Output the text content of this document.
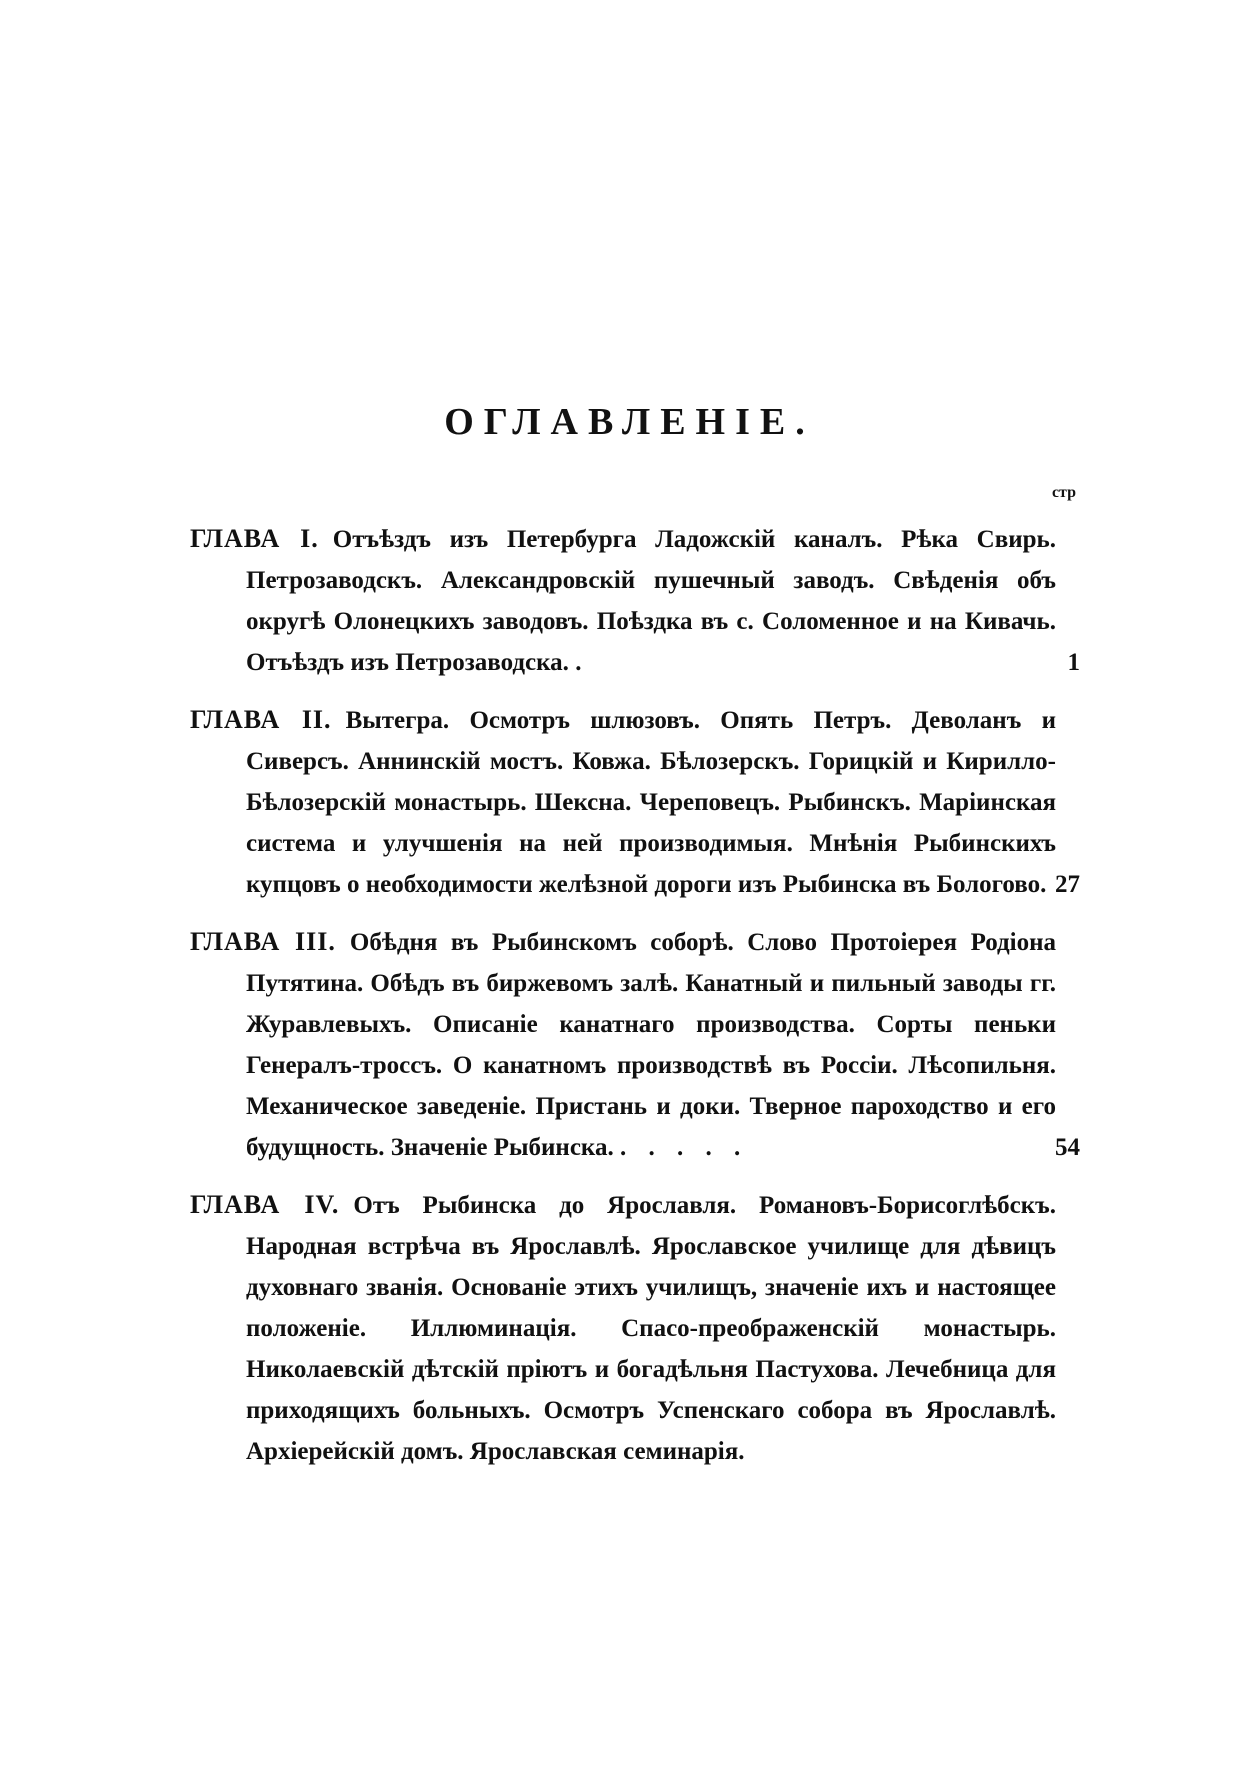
ОГЛАВЛЕНІЕ.
стр
ГЛАВА I. Отъѣздъ изъ Петербурга Ладожскій каналъ. Рѣка Свирь. Петрозаводскъ. Александровскій пушечный заводъ. Свѣденія объ округѣ Олонецкихъ заводовъ. Поѣздка въ с. Соломенное и на Кивачь. Отъѣздъ изъ Петрозаводска. .	1
ГЛАВА II. Вытегра. Осмотръ шлюзовъ. Опять Петръ. Деволанъ и Сиверсъ. Аннинскій мостъ. Ковжа. Бѣлозерскъ. Горицкій и Кирилло-Бѣлозерскій монастырь. Шексна. Череповецъ. Рыбинскъ. Маріинская система и улучшенія на ней производимыя. Мнѣнія Рыбинскихъ купцовъ о необходимости желѣзной дороги изъ Рыбинска въ Бологово. 27
ГЛАВА III. Обѣдня въ Рыбинскомъ соборѣ. Слово Протоіерея Родіона Путятина. Обѣдъ въ биржевомъ залѣ. Канатный и пильный заводы гг. Журавлевыхъ. Описаніе канатнаго производства. Сорты пеньки Генералъ-троссъ. О канатномъ производствѣ въ Россіи. Лѣсопильня. Механическое заведеніе. Пристань и доки. Тверное пароходство и его будущность. Значеніе Рыбинска. . . . . .	54
ГЛАВА IV. Отъ Рыбинска до Ярославля. Романовъ-Борисоглѣбскъ. Народная встрѣча въ Ярославлѣ. Ярославское училище для дѣвицъ духовнаго званія. Основаніе этихъ училищъ, значеніе ихъ и настоящее положеніе. Иллюминація. Спасо-преображенскій монастырь. Николаевскій дѣтскій пріютъ и богадѣльня Пастухова. Лечебница для приходящихъ больныхъ. Осмотръ Успенскаго собора въ Ярославлѣ. Архіерейскій домъ. Ярославская семинарія.
